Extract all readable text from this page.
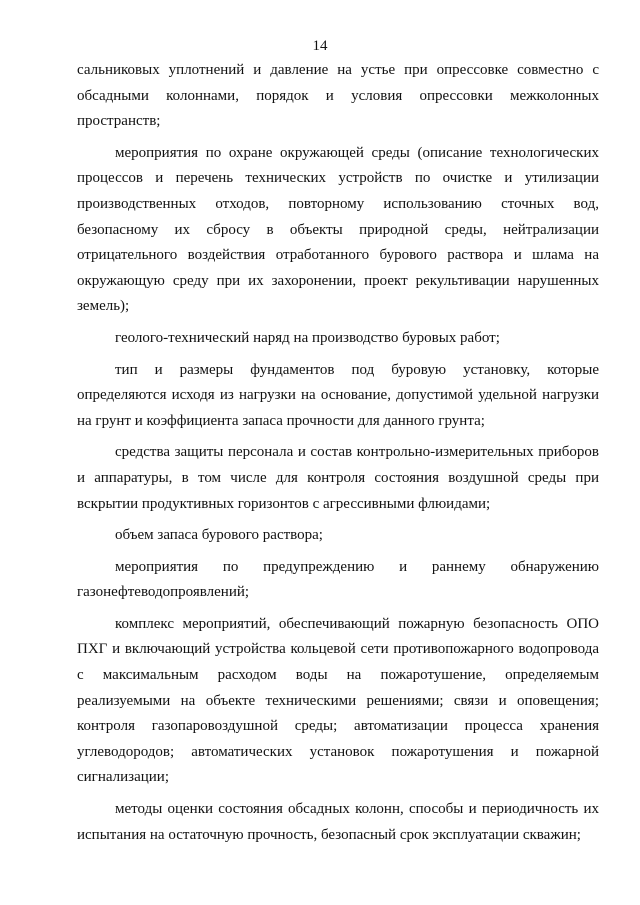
14

сальниковых уплотнений и давление на устье при опрессовке совместно с обсадными колоннами, порядок и условия опрессовки межколонных пространств;

мероприятия по охране окружающей среды (описание технологических процессов и перечень технических устройств по очистке и утилизации производственных отходов, повторному использованию сточных вод, безопасному их сбросу в объекты природной среды, нейтрализации отрицательного воздействия отработанного бурового раствора и шлама на окружающую среду при их захоронении, проект рекультивации нарушенных земель);

геолого-технический наряд на производство буровых работ;

тип и размеры фундаментов под буровую установку, которые определяются исходя из нагрузки на основание, допустимой удельной нагрузки на грунт и коэффициента запаса прочности для данного грунта;

средства защиты персонала и состав контрольно-измерительных приборов и аппаратуры, в том числе для контроля состояния воздушной среды при вскрытии продуктивных горизонтов с агрессивными флюидами;

объем запаса бурового раствора;

мероприятия по предупреждению и раннему обнаружению газонефтеводопроявлений;

комплекс мероприятий, обеспечивающий пожарную безопасность ОПО ПХГ и включающий устройства кольцевой сети противопожарного водопровода с максимальным расходом воды на пожаротушение, определяемым реализуемыми на объекте техническими решениями; связи и оповещения; контроля газопаровоздушной среды; автоматизации процесса хранения углеводородов; автоматических установок пожаротушения и пожарной сигнализации;

методы оценки состояния обсадных колонн, способы и периодичность их испытания на остаточную прочность, безопасный срок эксплуатации скважин;
